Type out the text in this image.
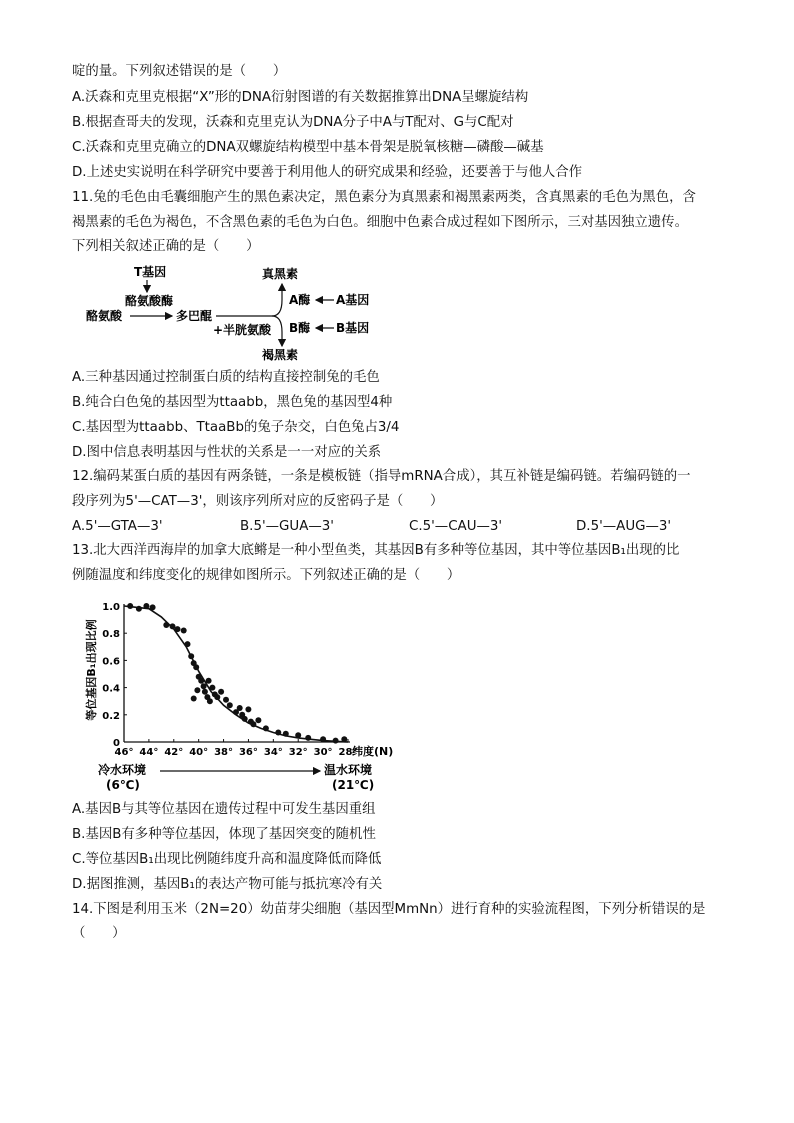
啶的量。下列叙述错误的是（　　）
A.沃森和克里克根据“X”形的DNA衍射图谱的有关数据推算出DNA呈螺旋结构
B.根据查哥夫的发现，沃森和克里克认为DNA分子中A与T配对、G与C配对
C.沃森和克里克确立的DNA双螺旋结构模型中基本骨架是脱氧核糖—磷酸—碱基
D.上述史实说明在科学研究中要善于利用他人的研究成果和经验，还要善于与他人合作
11.兔的毛色由毛囊细胞产生的黑色素决定，黑色素分为真黑素和褐黑素两类，含真黑素的毛色为黑色，含
褐黑素的毛色为褐色，不含黑色素的毛色为白色。细胞中色素合成过程如下图所示，三对基因独立遗传。
下列相关叙述正确的是（　　）
T基因
酪氨酸酶
酪氨酸	多巴醌
+半胱氨酸
真黑素
褐黑素
A酶 A基因
B酶 B基因
A.三种基因通过控制蛋白质的结构直接控制兔的毛色
B.纯合白色兔的基因型为ttaabb，黑色兔的基因型4种
C.基因型为ttaabb、TtaaBb的兔子杂交，白色兔占3/4
D.图中信息表明基因与性状的关系是一一对应的关系
12.编码某蛋白质的基因有两条链，一条是模板链（指导mRNA合成），其互补链是编码链。若编码链的一
段序列为5'—CAT—3'，则该序列所对应的反密码子是（　　）
A.5'—GTA—3'	B.5'—GUA—3'	C.5'—CAU—3'	D.5'—AUG—3'
13.北大西洋西海岸的加拿大底鳉是一种小型鱼类，其基因B有多种等位基因，其中等位基因B₁出现的比
例随温度和纬度变化的规律如图所示。下列叙述正确的是（　　）
等位基因B₁出现比例
0
0.2
0.4
0.6
0.8
1.0
46° 44° 42° 40° 38° 36° 34° 32° 30° 28°
纬度(N)
冷水环境
(6℃)
温水环境
(21℃)
A.基因B与其等位基因在遗传过程中可发生基因重组
B.基因B有多种等位基因，体现了基因突变的随机性
C.等位基因B₁出现比例随纬度升高和温度降低而降低
D.据图推测，基因B₁的表达产物可能与抵抗寒冷有关
14.下图是利用玉米（2N=20）幼苗芽尖细胞（基因型MmNn）进行育种的实验流程图，下列分析错误的是
（　　）
